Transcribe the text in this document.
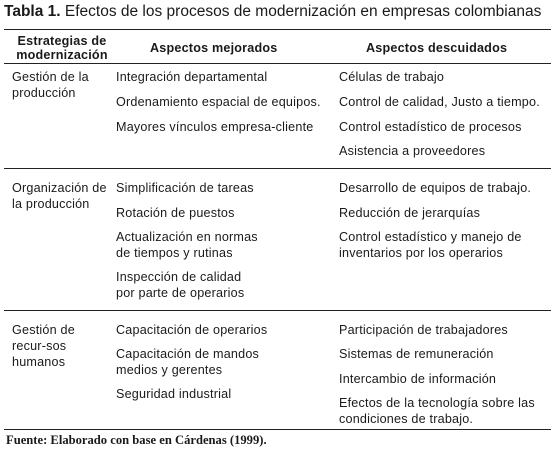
Tabla 1. Efectos de los procesos de modernización en empresas colombianas
Estrategias de modernización	Aspectos mejorados	Aspectos descuidados
Gestión de la producción
Integración departamental
Ordenamiento espacial de equipos.
Mayores vínculos empresa-cliente
Células de trabajo
Control de calidad, Justo a tiempo.
Control estadístico de procesos
Asistencia a proveedores
Organización de la producción
Simplificación de tareas
Rotación de puestos
Actualización en normas de tiempos y rutinas
Inspección de calidad por parte de operarios
Desarrollo de equipos de trabajo.
Reducción de jerarquías
Control estadístico y manejo de inventarios por los operarios
Gestión de recur-sos humanos
Capacitación de operarios
Capacitación de mandos medios y gerentes
Seguridad industrial
Participación de trabajadores
Sistemas de remuneración
Intercambio de información
Efectos de la tecnología sobre las condiciones de trabajo.
Fuente: Elaborado con base en Cárdenas (1999).
